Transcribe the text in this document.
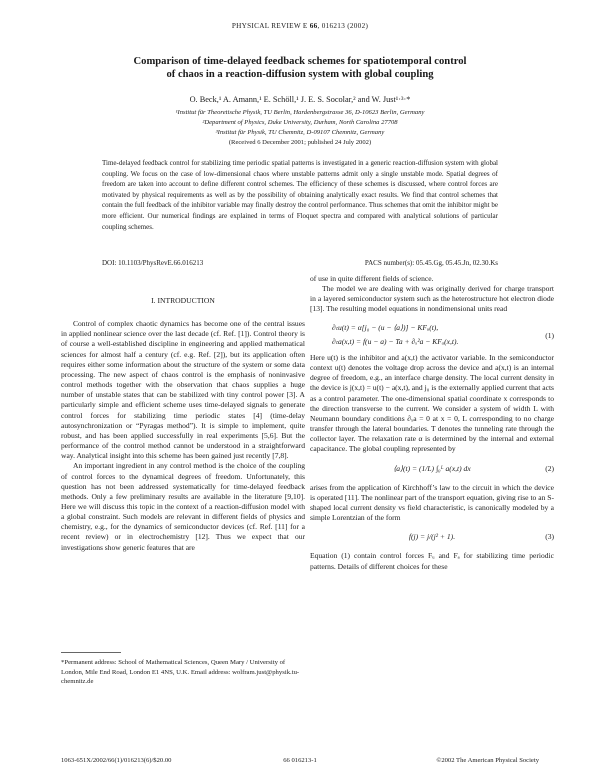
PHYSICAL REVIEW E 66, 016213 (2002)
Comparison of time-delayed feedback schemes for spatiotemporal control
of chaos in a reaction-diffusion system with global coupling
O. Beck,¹ A. Amann,¹ E. Schöll,¹ J. E. S. Socolar,² and W. Just¹·³·*
¹Institut für Theoretische Physik, TU Berlin, Hardenbergstrasse 36, D-10623 Berlin, Germany
²Department of Physics, Duke University, Durham, North Carolina 27708
³Institut für Physik, TU Chemnitz, D-09107 Chemnitz, Germany
(Received 6 December 2001; published 24 July 2002)
Time-delayed feedback control for stabilizing time periodic spatial patterns is investigated in a generic reaction-diffusion system with global coupling. We focus on the case of low-dimensional chaos where unstable patterns admit only a single unstable mode. Spatial degrees of freedom are taken into account to define different control schemes. The efficiency of these schemes is discussed, where control forces are motivated by physical requirements as well as by the possibility of obtaining analytically exact results. We find that control schemes that contain the full feedback of the inhibitor variable may finally destroy the control performance. Thus schemes that omit the inhibitor might be more efficient. Our numerical findings are explained in terms of Floquet spectra and compared with analytical solutions of particular coupling schemes.
DOI: 10.1103/PhysRevE.66.016213	PACS number(s): 05.45.Gg, 05.45.Jn, 02.30.Ks
I. INTRODUCTION

Control of complex chaotic dynamics has become one of the central issues in applied nonlinear science over the last decade (cf. Ref. [1]). Control theory is of course a well-established discipline in engineering and applied mathematical sciences for almost half a century (cf. e.g. Ref. [2]), but its application often requires either some information about the structure of the system or some data processing. The new aspect of chaos control is the emphasis of noninvasive control methods together with the observation that chaos supplies a huge number of unstable states that can be stabilized with tiny control power [3]. A particularly simple and efficient scheme uses time-delayed signals to generate control forces for stabilizing time periodic states [4] (time-delay autosynchronization or “Pyragas method”). It is simple to implement, quite robust, and has been applied successfully in real experiments [5,6]. But the performance of the control method cannot be understood in a straightforward way. Analytical insight into this scheme has been gained just recently [7,8].

An important ingredient in any control method is the choice of the coupling of control forces to the dynamical degrees of freedom. Unfortunately, this question has not been addressed systematically for time-delayed feedback methods. Only a few preliminary results are available in the literature [9,10]. Here we will discuss this topic in the context of a reaction-diffusion model with a global constraint. Such models are relevant in different fields of physics and chemistry, e.g., for the dynamics of semiconductor devices (cf. Ref. [11] for a recent review) or in electrochemistry [12]. Thus we expect that our investigations show generic features that are

*Permanent address: School of Mathematical Sciences, Queen Mary / University of London, Mile End Road, London E1 4NS, U.K. Email address: wolfram.just@physik.tu-chemnitz.de

of use in quite different fields of science.

The model we are dealing with was originally derived for charge transport in a layered semiconductor system such as the heterostructure hot electron diode [13]. The resulting model equations in nondimensional units read

∂ₜu(t) = α[j₀ − (u − ⟨a⟩)] − KFᵤ(t),
∂ₜa(x,t) = f(u − a) − Ta + ∂ₓ²a − KFₐ(x,t).
(1)

Here u(t) is the inhibitor and a(x,t) the activator variable. In the semiconductor context u(t) denotes the voltage drop across the device and a(x,t) is an internal degree of freedom, e.g., an interface charge density. The local current density in the device is j(x,t) = u(t) − a(x,t), and j₀ is the externally applied current that acts as a control parameter. The one-dimensional spatial coordinate x corresponds to the direction transverse to the current. We consider a system of width L with Neumann boundary conditions ∂ₓa = 0 at x = 0, L corresponding to no charge transfer through the lateral boundaries. T denotes the tunneling rate through the collector layer. The relaxation rate α is determined by the internal and external capacitance. The global coupling represented by

⟨a⟩(t) = (1/L) ∫₀ᴸ a(x,t) dx	(2)

arises from the application of Kirchhoff’s law to the circuit in which the device is operated [11]. The nonlinear part of the transport equation, giving rise to an S-shaped local current density vs field characteristic, is canonically modeled by a simple Lorentzian of the form

f(j) = j/(j² + 1).	(3)

Equation (1) contain control forces Fᵤ and Fₐ for stabilizing time periodic patterns. Details of different choices for these

1063-651X/2002/66(1)/016213(6)/$20.00	66 016213-1	©2002 The American Physical Society
